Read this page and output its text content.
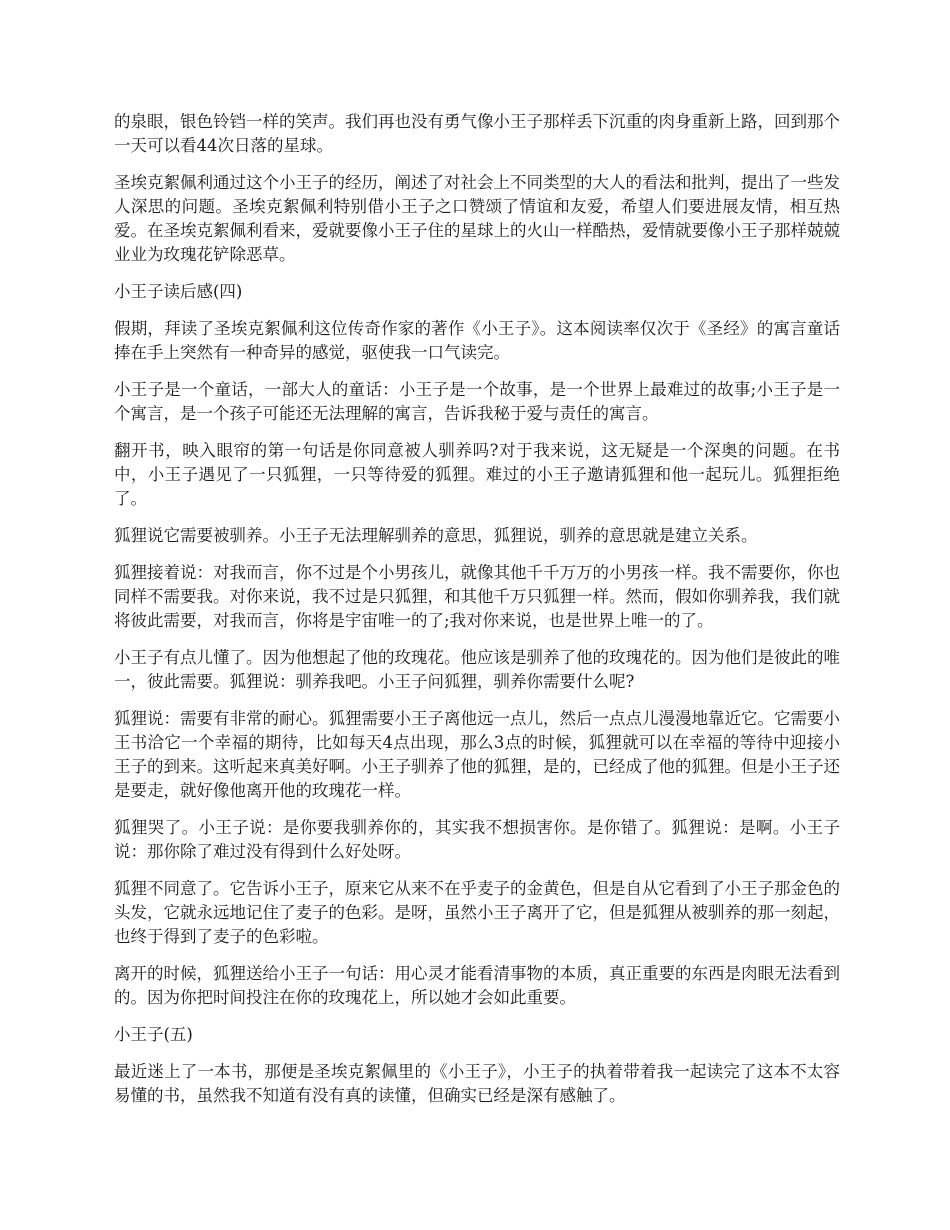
的泉眼，银色铃铛一样的笑声。我们再也没有勇气像小王子那样丢下沉重的肉身重新上路，回到那个一天可以看44次日落的星球。

圣埃克絮佩利通过这个小王子的经历，阐述了对社会上不同类型的大人的看法和批判，提出了一些发人深思的问题。圣埃克絮佩利特别借小王子之口赞颂了情谊和友爱，希望人们要进展友情，相互热爱。在圣埃克絮佩利看来，爱就要像小王子住的星球上的火山一样酷热，爱情就要像小王子那样兢兢业业为玫瑰花铲除恶草。

小王子读后感(四)

假期，拜读了圣埃克絮佩利这位传奇作家的著作《小王子》。这本阅读率仅次于《圣经》的寓言童话捧在手上突然有一种奇异的感觉，驱使我一口气读完。

小王子是一个童话，一部大人的童话：小王子是一个故事，是一个世界上最难过的故事;小王子是一个寓言，是一个孩子可能还无法理解的寓言，告诉我秘于爱与责任的寓言。

翻开书，映入眼帘的第一句话是你同意被人驯养吗?对于我来说，这无疑是一个深奥的问题。在书中，小王子遇见了一只狐狸，一只等待爱的狐狸。难过的小王子邀请狐狸和他一起玩儿。狐狸拒绝了。

狐狸说它需要被驯养。小王子无法理解驯养的意思，狐狸说，驯养的意思就是建立关系。

狐狸接着说：对我而言，你不过是个小男孩儿，就像其他千千万万的小男孩一样。我不需要你，你也同样不需要我。对你来说，我不过是只狐狸，和其他千万只狐狸一样。然而，假如你驯养我，我们就将彼此需要，对我而言，你将是宇宙唯一的了;我对你来说，也是世界上唯一的了。

小王子有点儿懂了。因为他想起了他的玫瑰花。他应该是驯养了他的玫瑰花的。因为他们是彼此的唯一，彼此需要。狐狸说：驯养我吧。小王子问狐狸，驯养你需要什么呢?

狐狸说：需要有非常的耐心。狐狸需要小王子离他远一点儿，然后一点点儿漫漫地靠近它。它需要小王书洽它一个幸福的期待，比如每天4点出现，那么3点的时候，狐狸就可以在幸福的等待中迎接小王子的到来。这听起来真美好啊。小王子驯养了他的狐狸，是的，已经成了他的狐狸。但是小王子还是要走，就好像他离开他的玫瑰花一样。

狐狸哭了。小王子说：是你要我驯养你的，其实我不想损害你。是你错了。狐狸说：是啊。小王子说：那你除了难过没有得到什么好处呀。

狐狸不同意了。它告诉小王子，原来它从来不在乎麦子的金黄色，但是自从它看到了小王子那金色的头发，它就永远地记住了麦子的色彩。是呀，虽然小王子离开了它，但是狐狸从被驯养的那一刻起，也终于得到了麦子的色彩啦。

离开的时候，狐狸送给小王子一句话：用心灵才能看清事物的本质，真正重要的东西是肉眼无法看到的。因为你把时间投注在你的玫瑰花上，所以她才会如此重要。

小王子(五)

最近迷上了一本书，那便是圣埃克絮佩里的《小王子》，小王子的执着带着我一起读完了这本不太容易懂的书，虽然我不知道有没有真的读懂，但确实已经是深有感触了。
